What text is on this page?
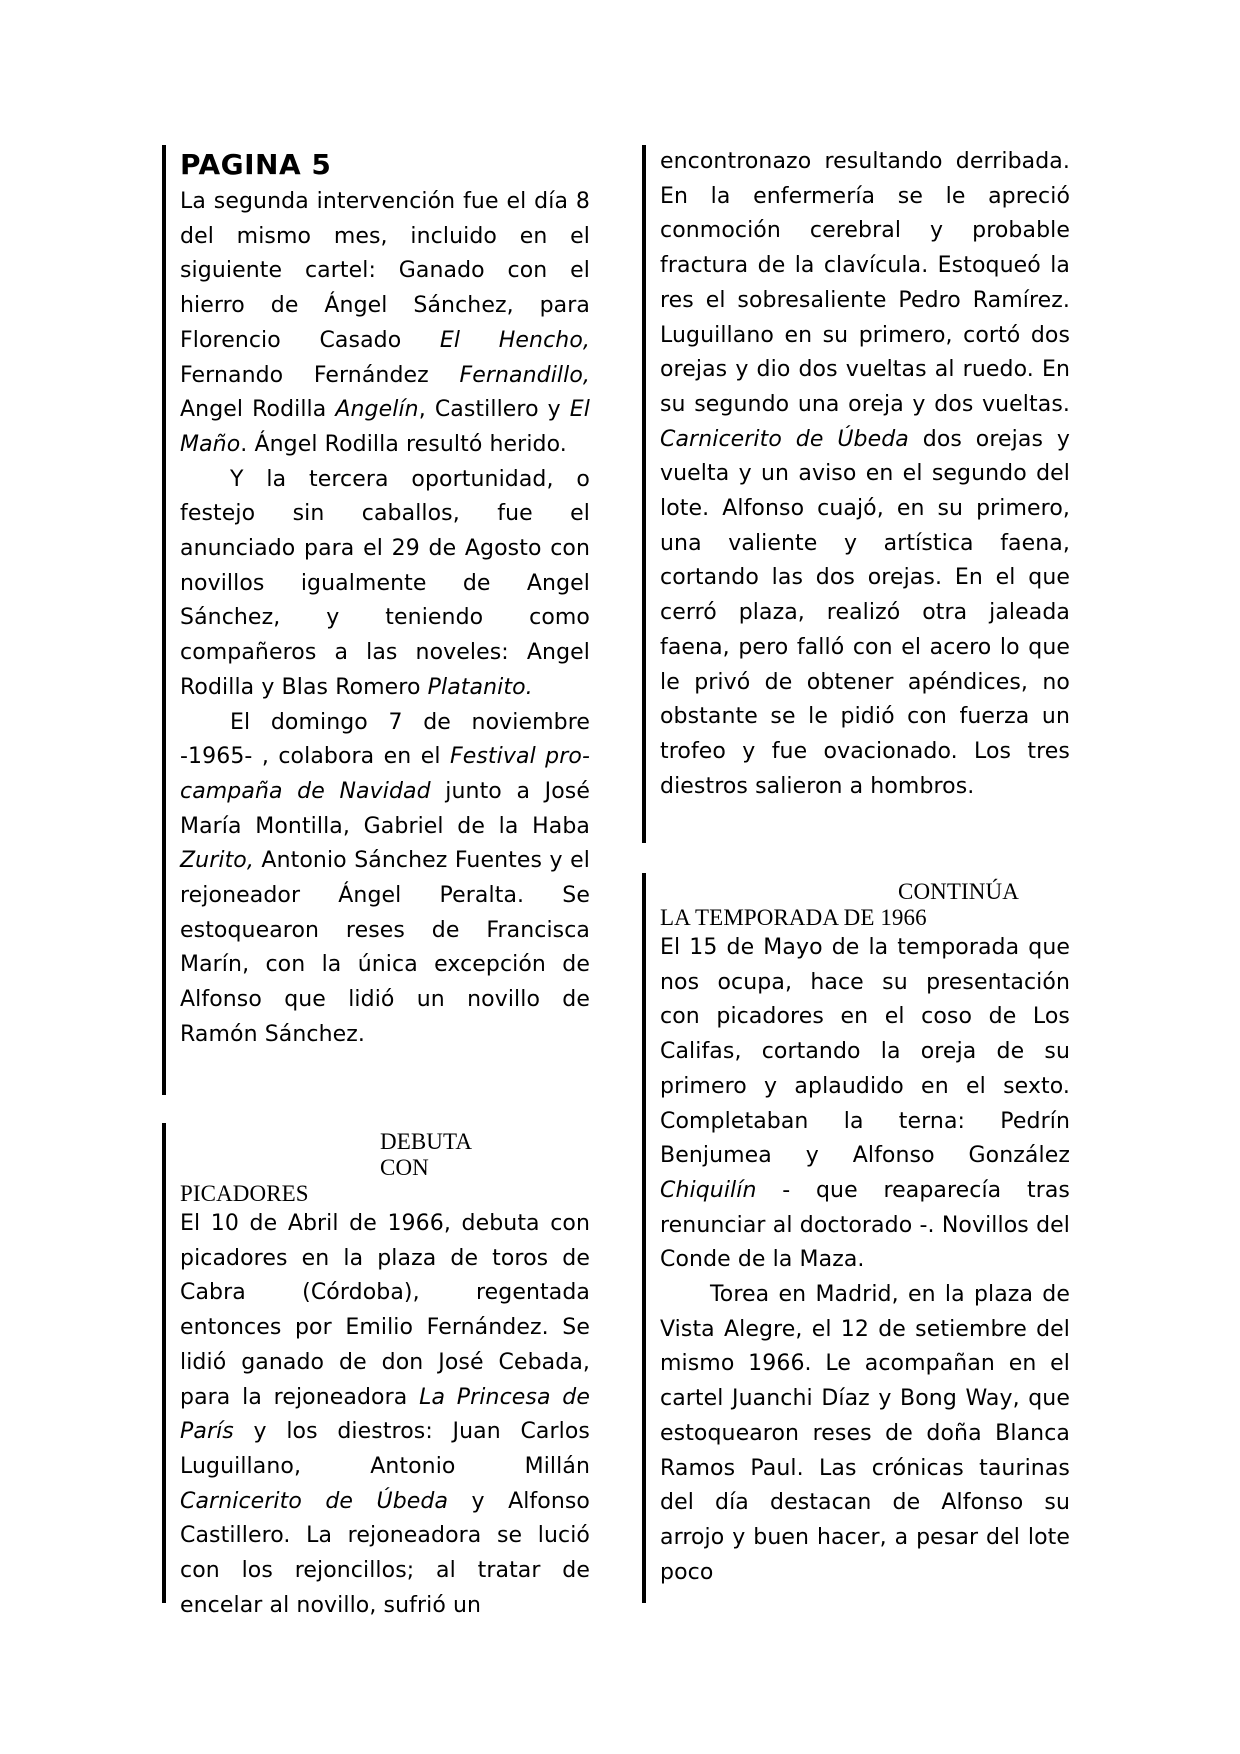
PAGINA 5

La segunda intervención fue el día 8 del mismo mes, incluido en el siguiente cartel: Ganado con el hierro de Ángel Sánchez, para Florencio Casado El Hencho, Fernando Fernández Fernandillo, Angel Rodilla Angelín, Castillero y El Maño. Ángel Rodilla resultó herido.

Y la tercera oportunidad, o festejo sin caballos, fue el anunciado para el 29 de Agosto con novillos igualmente de Angel Sánchez, y teniendo como compañeros a las noveles: Angel Rodilla y Blas Romero Platanito.

El domingo 7 de noviembre -1965- , colabora en el Festival pro-campaña de Navidad junto a José María Montilla, Gabriel de la Haba Zurito, Antonio Sánchez Fuentes y el rejoneador Ángel Peralta. Se estoquearon reses de Francisca Marín, con la única excepción de Alfonso que lidió un novillo de Ramón Sánchez.

DEBUTA CON
PICADORES

El 10 de Abril de 1966, debuta con picadores en la plaza de toros de Cabra (Córdoba), regentada entonces por Emilio Fernández. Se lidió ganado de don José Cebada, para la rejoneadora La Princesa de París y los diestros: Juan Carlos Luguillano, Antonio Millán Carnicerito de Úbeda y Alfonso Castillero. La rejoneadora se lució con los rejoncillos; al tratar de encelar al novillo, sufrió un

encontronazo resultando derribada. En la enfermería se le apreció conmoción cerebral y probable fractura de la clavícula. Estoqueó la res el sobresaliente Pedro Ramírez. Luguillano en su primero, cortó dos orejas y dio dos vueltas al ruedo. En su segundo una oreja y dos vueltas. Carnicerito de Úbeda dos orejas y vuelta y un aviso en el segundo del lote. Alfonso cuajó, en su primero, una valiente y artística faena, cortando las dos orejas. En el que cerró plaza, realizó otra jaleada faena, pero falló con el acero lo que le privó de obtener apéndices, no obstante se le pidió con fuerza un trofeo y fue ovacionado. Los tres diestros salieron a hombros.

CONTINÚA
LA TEMPORADA DE 1966

El 15 de Mayo de la temporada que nos ocupa, hace su presentación con picadores en el coso de Los Califas, cortando la oreja de su primero y aplaudido en el sexto. Completaban la terna: Pedrín Benjumea y Alfonso González Chiquilín - que reaparecía tras renunciar al doctorado -. Novillos del Conde de la Maza.

Torea en Madrid, en la plaza de Vista Alegre, el 12 de setiembre del mismo 1966. Le acompañan en el cartel Juanchi Díaz y Bong Way, que estoquearon reses de doña Blanca Ramos Paul. Las crónicas taurinas del día destacan de Alfonso su arrojo y buen hacer, a pesar del lote poco
